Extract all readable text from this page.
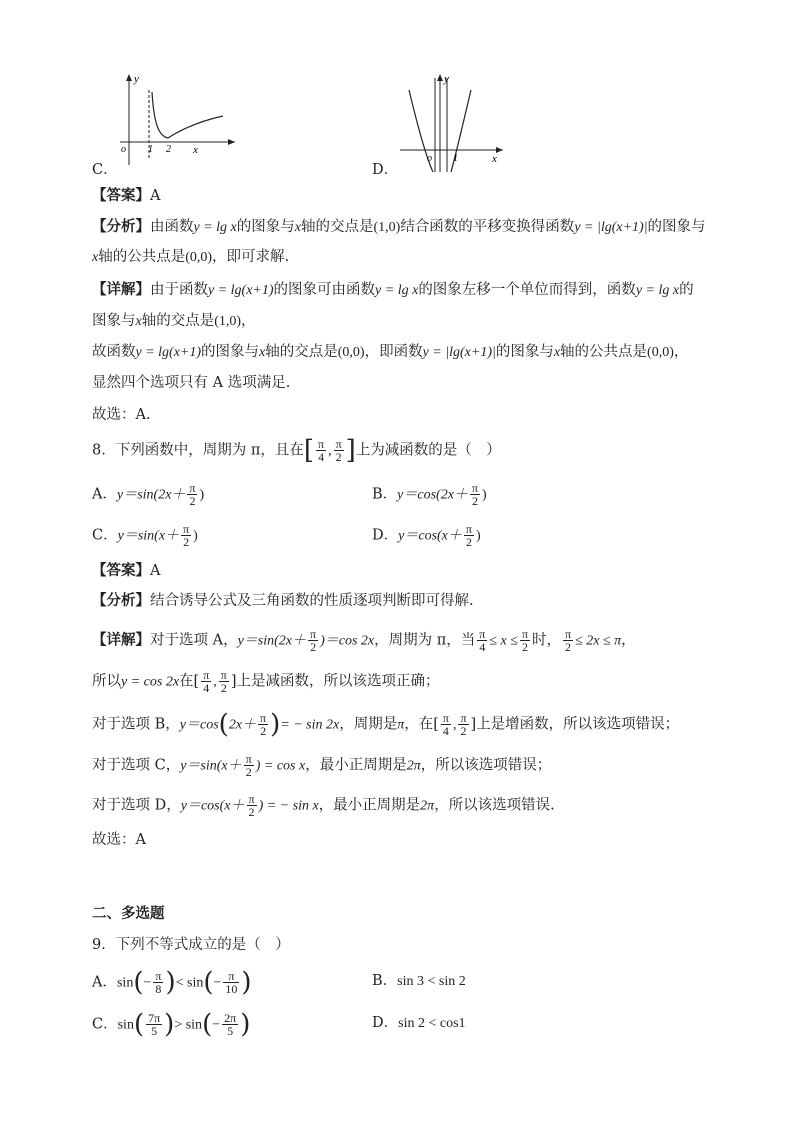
y
x
o 1 2
C．
y
x
o 1
D．
【答案】A
【分析】由函数y = lg x的图象与x轴的交点是(1,0)结合函数的平移变换得函数y = |lg(x+1)|的图象与
x轴的公共点是(0,0)，即可求解.
【详解】由于函数y = lg(x+1)的图象可由函数y = lg x的图象左移一个单位而得到，函数y = lg x的
图象与x轴的交点是(1,0)，
故函数y = lg(x+1)的图象与x轴的交点是(0,0)，即函数y = |lg(x+1)|的图象与x轴的公共点是(0,0)，
显然四个选项只有 A 选项满足.
故选：A.
8．下列函数中，周期为 π，且在[ $\frac{\pi}{4}$ , $\frac{\pi}{2}$ ]上为减函数的是（　）
A．$y=\sin(2x+ \frac{\pi}{2}$ )	B．$y=\cos(2x+ \frac{\pi}{2}$ )
C．$y=\sin(x+ \frac{\pi}{2}$ )	D．$y=\cos(x+ \frac{\pi}{2}$ )
【答案】A
【分析】结合诱导公式及三角函数的性质逐项判断即可得解.
【详解】对于选项 A，$y=\sin(2x+ \frac{\pi}{2} )=\cos$ 2x，周期为 π，当 $\frac{\pi}{4} \le x \le \frac{\pi}{2}$ 时， $\frac{\pi}{2} \le 2x \le \pi$，
所以y = cos 2x在[ $\frac{\pi}{4}$ , $\frac{\pi}{2}$ ]上是减函数，所以该选项正确；
对于选项 B，$y=\cos(2x+ \frac{\pi}{2}$ )= − sin 2x，周期是π，在[ $\frac{\pi}{4}$ , $\frac{\pi}{2}$ ]上是增函数，所以该选项错误；
对于选项 C，$y=\sin(x+ \frac{\pi}{2}$ ) = cos x，最小正周期是2π，所以该选项错误；
对于选项 D，$y=\cos(x+ \frac{\pi}{2}$ ) = − sin x，最小正周期是2π，所以该选项错误.
故选：A
二、多选题
9．下列不等式成立的是（　）
A．$\sin(- \frac{\pi}{8}$ )< $\sin(- \frac{\pi}{10}$ )	B．sin 3 < sin 2
C．$\sin( \frac{7\pi}{5}$ )> $\sin(- \frac{2\pi}{5}$ )	D．sin 2 < cos1
